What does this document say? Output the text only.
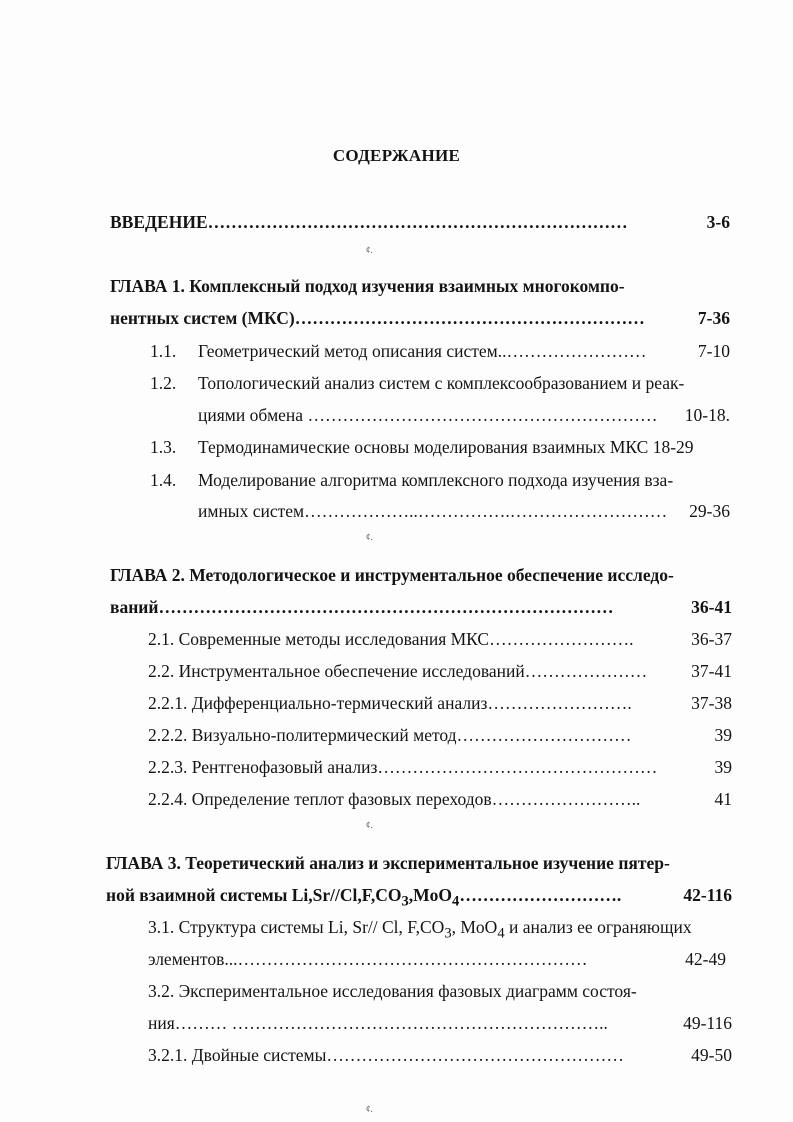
СОДЕРЖАНИЕ
ВВЕДЕНИЕ………………………………………………………………	3-6
¢.
ГЛАВА 1. Комплексный подход изучения взаимных многокомпо-
нентных систем (МКС)……………………………………………………	7-36
1.1. Геометрический метод описания систем..……………………	7-10
1.2. Топологический анализ систем с комплексообразованием и реак-
циями обмена ……………………………………………………	10-18.
1.3. Термодинамические основы моделирования взаимных МКС 18-29
1.4. Моделирование алгоритма комплексного подхода изучения вза-
имных систем………………..…………….………………………	29-36
¢.
ГЛАВА 2. Методологическое и инструментальное обеспечение исследо-
ваний……………………………………………………………………	36-41
2.1. Современные методы исследования МКС…………………….	36-37
2.2. Инструментальное обеспечение исследований…………………	37-41
2.2.1. Дифференциально-термический анализ…………………….	37-38
2.2.2. Визуально-политермический метод…………………………	39
2.2.3. Рентгенофазовый анализ…………………………………………	39
2.2.4. Определение теплот фазовых переходов……………………..	41
¢.
ГЛАВА 3. Теоретический анализ и экспериментальное изучение пятер-
ной взаимной системы $Li,Sr//Cl,F,CO_3,MoO_4\dots\dots\dots\dots\dots\dots\dots\dots\dots$.	42-116
3.1. Структура системы Li, Sr// Cl, $F,CO_3$, MoO$_4$ и анализ ее ограняющих
элементов...……………………………………………………	42-49
3.2. Экспериментальное исследования фазовых диаграмм состоя-
ния……… ………………………………………………………..	49-116
3.2.1. Двойные системы……………………………………………	49-50
¢.
